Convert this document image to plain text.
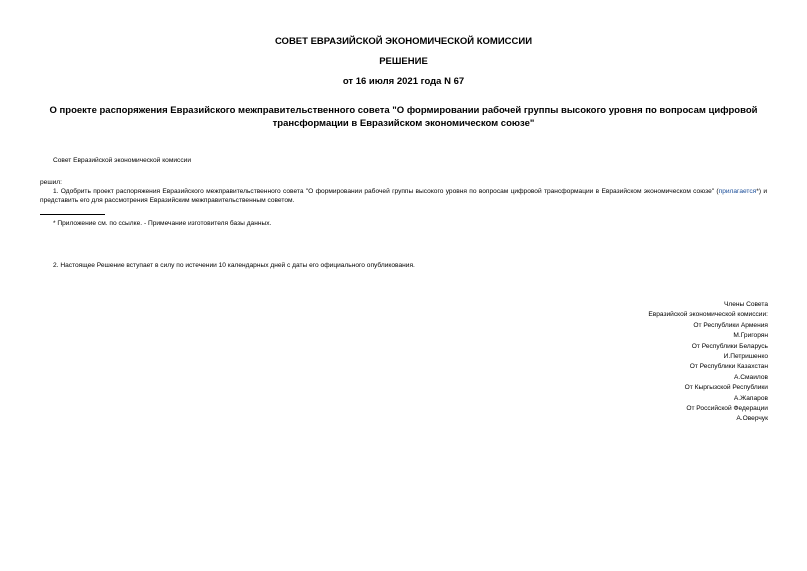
СОВЕТ ЕВРАЗИЙСКОЙ ЭКОНОМИЧЕСКОЙ КОМИССИИ
РЕШЕНИЕ
от 16 июля 2021 года N 67
О проекте распоряжения Евразийского межправительственного совета "О формировании рабочей группы высокого уровня по вопросам цифровой трансформации в Евразийском экономическом союзе"
Совет Евразийской экономической комиссии
решил:
1. Одобрить проект распоряжения Евразийского межправительственного совета "О формировании рабочей группы высокого уровня по вопросам цифровой трансформации в Евразийском экономическом союзе" (прилагается*) и представить его для рассмотрения Евразийским межправительственным советом.
* Приложение см. по ссылке. - Примечание изготовителя базы данных.
2. Настоящее Решение вступает в силу по истечении 10 календарных дней с даты его официального опубликования.
Члены Совета
Евразийской экономической комиссии:
От Республики Армения
М.Григорян
От Республики Беларусь
И.Петришенко
От Республики Казахстан
А.Смаилов
От Кыргызской Республики
А.Жапаров
От Российской Федерации
А.Оверчук
